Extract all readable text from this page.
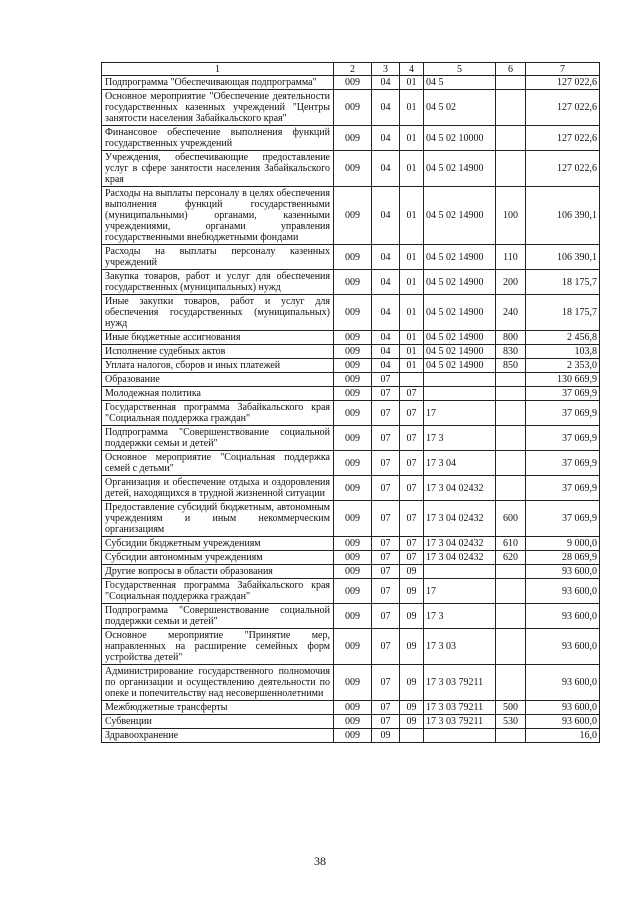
1	2	3	4	5	6	7
Подпрограмма "Обеспечивающая подпрограмма"	009	04	01	04 5		127 022,6
Основное мероприятие "Обеспечение деятельности государственных казенных учреждений "Центры занятости населения Забайкальского края"	009	04	01	04 5 02		127 022,6
Финансовое обеспечение выполнения функций государственных учреждений	009	04	01	04 5 02 10000		127 022,6
Учреждения, обеспечивающие предоставление услуг в сфере занятости населения Забайкальского края	009	04	01	04 5 02 14900		127 022,6
Расходы на выплаты персоналу в целях обеспечения выполнения функций государственными (муниципальными) органами, казенными учреждениями, органами управления государственными внебюджетными фондами	009	04	01	04 5 02 14900	100	106 390,1
Расходы на выплаты персоналу казенных учреждений	009	04	01	04 5 02 14900	110	106 390,1
Закупка товаров, работ и услуг для обеспечения государственных (муниципальных) нужд	009	04	01	04 5 02 14900	200	18 175,7
Иные закупки товаров, работ и услуг для обеспечения государственных (муниципальных) нужд	009	04	01	04 5 02 14900	240	18 175,7
Иные бюджетные ассигнования	009	04	01	04 5 02 14900	800	2 456,8
Исполнение судебных актов	009	04	01	04 5 02 14900	830	103,8
Уплата налогов, сборов и иных платежей	009	04	01	04 5 02 14900	850	2 353,0
Образование	009	07				130 669,9
Молодежная политика	009	07	07			37 069,9
Государственная программа Забайкальского края "Социальная поддержка граждан"	009	07	07	17		37 069,9
Подпрограмма "Совершенствование социальной поддержки семьи и детей"	009	07	07	17 3		37 069,9
Основное мероприятие "Социальная поддержка семей с детьми"	009	07	07	17 3 04		37 069,9
Организация и обеспечение отдыха и оздоровления детей, находящихся в трудной жизненной ситуации	009	07	07	17 3 04 02432		37 069,9
Предоставление субсидий бюджетным, автономным учреждениям и иным некоммерческим организациям	009	07	07	17 3 04 02432	600	37 069,9
Субсидии бюджетным учреждениям	009	07	07	17 3 04 02432	610	9 000,0
Субсидии автономным учреждениям	009	07	07	17 3 04 02432	620	28 069,9
Другие вопросы в области образования	009	07	09			93 600,0
Государственная программа Забайкальского края "Социальная поддержка граждан"	009	07	09	17		93 600,0
Подпрограмма "Совершенствование социальной поддержки семьи и детей"	009	07	09	17 3		93 600,0
Основное мероприятие "Принятие мер, направленных на расширение семейных форм устройства детей"	009	07	09	17 3 03		93 600,0
Администрирование государственного полномочия по организации и осуществлению деятельности по опеке и попечительству над несовершеннолетними	009	07	09	17 3 03 79211		93 600,0
Межбюджетные трансферты	009	07	09	17 3 03 79211	500	93 600,0
Субвенции	009	07	09	17 3 03 79211	530	93 600,0
Здравоохранение	009	09				16,0
38
